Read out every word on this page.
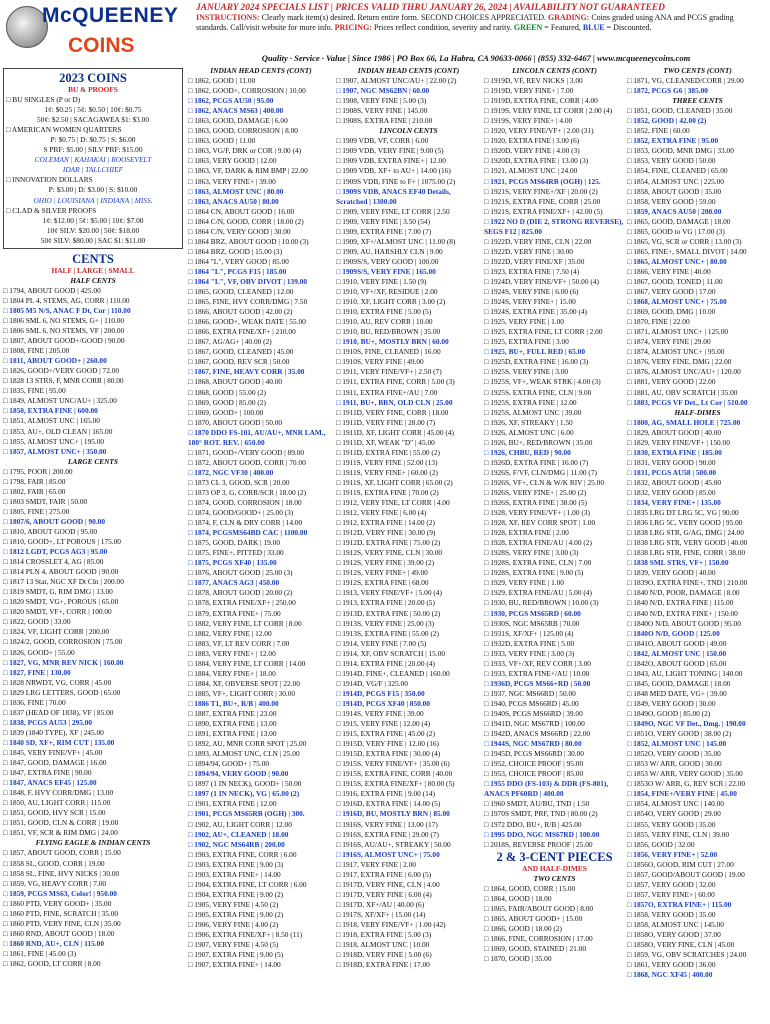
McQUEENEY
COINS
JANUARY 2024 SPECIALS LIST | PRICES VALID THRU JANUARY 26, 2024 | AVAILABILITY NOT GUARANTEED
INSTRUCTIONS: Clearly mark item(s) desired. Return entire form. SECOND CHOICES APPRECIATED. GRADING: Coins graded using ANA and PCGS grading standards. Call/visit website for more info. PRICING: Prices reflect condition, severity and rarity. GREEN = Featured, BLUE = Discounted.
Quality · Service · Value | Since 1986 | PO Box 66, La Habra, CA 90633-0066 | (855) 332-6467 | www.mcqueeneycoins.com
2023 COINS
BU & PROOFS
□ BU SINGLES (P or D)
1¢: $0.25 | 5¢: $0.50 | 10¢: $0.75
50¢: $2.50 | SACAGAWEA $1: $3.00
□ AMERICAN WOMEN QUARTERS
P: $0.75 | D: $0.75 | S: $6.00
S PRF: $5.00 | SILV PRF: $15.00
COLEMAN | KAHAKAI | ROOSEVELT
IDAR | TALLCHIEF
□ INNOVATION DOLLARS
P: $3.00 | D: $3.00 | S: $10.00
OHIO | LOUISIANA | INDIANA | MISS.
□ CLAD & SILVER PROOFS
1¢: $12.00 | 5¢: $5.00 | 10¢: $7.00
10¢ SILV: $20.00 | 50¢: $18.00
50¢ SILV: $80.00 | SAC $1: $11.00
CENTS
HALF | LARGE | SMALL
HALF CENTS
□ 1794, ABOUT GOOD | 425.00
□ 1804 PL 4, STEMS, AG, CORR | 110.00
□ 1805 M5 N/S, ANAC F Dt, Cor | 110.00
□ 1806 SML 6, NO STEMS, G+ | 110.00
□ 1806 SML 6, NO STEMS, VF | 200.00
□ 1807, ABOUT GOOD+/GOOD | 90.00
□ 1808, FINE | 205.00
□ 1811, ABOUT GOOD+ | 260.00
□ 1826, GOOD+/VERY GOOD | 72.00
□ 1828 13 STRS, F, MNR CORR | 80.00
□ 1835, FINE | 95.00
□ 1849, ALMOST UNC/AU+ | 325.00
□ 1850, EXTRA FINE | 600.00
□ 1851, ALMOST UNC | 165.00
□ 1853, AU+, OLD CLEAN | 165.00
□ 1855, ALMOST UNC+ | 195.00
□ 1857, ALMOST UNC+ | 350.00
LARGE CENTS
□ 1795, POOR | 200.00
□ 1798, FAIR | 85.00
□ 1802, FAIR | 65.00
□ 1803 SMDT, FAIR | 50.00
□ 1805, FINE | 275.00
□ 1807/6, ABOUT GOOD | 90.00
□ 1810, ABOUT GOOD | 95.00
□ 1810, GOOD+, LT POROUS | 175.00
□ 1812 LGDT, PCGS AG3 | 95.00
□ 1814 CROSSLET 4, AG | 85.00
□ 1814 PLN 4, ABOUT GOOD | 90.00
□ 1817 13 Star, NGC XF Dt Cln | 200.00
□ 1819 SMDT, G, RIM DMG | 13.00
□ 1820 SMDT, VG+, POROUS | 65.00
□ 1820 SMDT, VF+, CORR | 100.00
□ 1822, GOOD | 33.00
□ 1824, VF, LIGHT CORR | 200.00
□ 1824/2, GOOD, CORROSION | 75.00
□ 1826, GOOD+ | 55.00
□ 1827, VG, MNR REV NICK | 160.00
□ 1827, FINE | 130.00
□ 1828 NRWDT, VG, CORR | 45.00
□ 1829 LRG LETTERS, GOOD | 65.00
□ 1836, FINE | 70.00
□ 1837 (HEAD OF 1838), VF | 85.00
□ 1838, PCGS AU53 | 295.00
□ 1839 (1840 TYPE), XF | 245.00
□ 1840 SD, XF+, RIM CUT | 135.00
□ 1845, VERY FINE/VF+ | 45.00
□ 1847, GOOD, DAMAGE | 16.00
□ 1847, EXTRA FINE | 90.00
□ 1847, ANACS EF45 | 125.00
□ 1848, F, HVY CORR/DMG | 13.00
□ 1850, AU, LIGHT CORR | 115.00
□ 1851, GOOD, HVY SCR | 15.00
□ 1851, GOOD, CLN & CORR | 19.00
□ 1851, VF, SCR & RIM DMG | 24.00
FLYING EAGLE & INDIAN CENTS
□ 1857, ABOUT GOOD, CORR | 15.00
□ 1858 SL, GOOD, CORR | 19.00
□ 1858 SL, FINE, HVY NICKS | 30.00
□ 1859, VG, HEAVY CORR | 7.00
□ 1859, PCGS MS63, Color! | 950.00
□ 1860 PTD, VERY GOOD+ | 35.00
□ 1860 PTD, FINE, SCRATCH | 35.00
□ 1860 PTD, VERY FINE, CLN | 35.00
□ 1860 RND, ABOUT GOOD | 18.00
□ 1860 RND, AU+, CLN | 115.00
□ 1861, FINE | 45.00 (3)
□ 1862, GOOD, LT CORR | 8.00
INDIAN HEAD CENTS (CONT)
□ 1862, GOOD | 11.00
□ 1862, GOOD+, CORROSION | 10.00
□ 1862, PCGS AU50 | 95.00
□ 1862, ANACS MS63 | 400.00
□ 1863, GOOD, DAMAGE | 6.00
□ 1863, GOOD, CORROSION | 8.00
□ 1863, GOOD | 11.00
□ 1863, VG/F, DRK or COR | 9.00 (4)
□ 1863, VERY GOOD | 12.00
□ 1863, VF, DARK & RIM BMP | 22.00
□ 1863, VERY FINE+ | 39.00
□ 1863, ALMOST UNC | 80.00
□ 1863, ANACS AU50 | 80.00
□ 1864 CN, ABOUT GOOD | 16.00
□ 1864 C/N, GOOD, CORR | 18.00 (2)
□ 1864 C/N, VERY GOOD | 30.00
□ 1864 BRZ, ABOUT GOOD | 10.00 (3)
□ 1864 BRZ, GOOD | 15.00 (3)
□ 1864 "L", VERY GOOD | 85.00
□ 1864 "L", PCGS F15 | 185.00
□ 1864 "L", VF, OBV DIVOT | 139.00
□ 1865, GOOD, CLEANED | 12.00
□ 1865, FINE, HVY CORR/DMG | 7.50
□ 1866, ABOUT GOOD | 42.00 (2)
□ 1866, GOOD+, WEAK DATE | 55.00
□ 1866, EXTRA FINE/XF+ | 210.00
□ 1867, AG/AG+ | 40.00 (2)
□ 1867, GOOD, CLEANED | 45.00
□ 1867, GOOD, REV SCR | 50.00
□ 1867, FINE, HEAVY CORR | 35.00
□ 1868, ABOUT GOOD | 40.00
□ 1868, GOOD | 55.00 (2)
□ 1869, GOOD | 85.00 (2)
□ 1869, GOOD+ | 100.00
□ 1870, ABOUT GOOD | 50.00
□ 1870 DDO FS-101, AU/AU+, MNR LAM., 180° ROT. REV. | 650.00
□ 1871, GOOD+/VERY GOOD | 89.00
□ 1872, ABOUT GOOD, CORR | 70.00
□ 1872, NGC VF30 | 400.00
□ 1873 CL 3, GOOD, SCR | 20.00
□ 1873 OP 3, G, CORR/SCR | 18.00 (2)
□ 1874, GOOD, CORROSION | 18.00
□ 1874, GOOD/GOOD+ | 25.00 (3)
□ 1874, F, CLN & DRY CORR | 14.00
□ 1874, PCGSMS64BD CAC | 1100.00
□ 1875, GOOD, DARK | 19.00
□ 1875, FINE+, PITTED | 33.00
□ 1875, PCGS XF40 | 135.00
□ 1876, ABOUT GOOD | 25.00 (3)
□ 1877, ANACS AG3 | 450.00
□ 1878, ABOUT GOOD | 20.00 (2)
□ 1878, EXTRA FINE/XF+ | 250.00
□ 1879, EXTRA FINE+ | 75.00
□ 1882, VERY FINE, LT CORR | 8.00
□ 1882, VERY FINE | 12.00
□ 1883, VF, LT REV CORR | 7.00
□ 1883, VERY FINE+ | 12.00
□ 1884, VERY FINE, LT CORR | 14.00
□ 1884, VERY FINE+ | 18.00
□ 1884, XF, OBVERSE SPOT | 22.00
□ 1885, VF+, LIGHT CORR | 30.00
□ 1886 T1, BU+, R/B | 400.00
□ 1887, EXTRA FINE | 23.00
□ 1890, EXTRA FINE | 13.00
□ 1891, EXTRA FINE | 13.00
□ 1892, AU, MNR CORR SPOT | 25.00
□ 1893, ALMOST UNC, CLN | 25.00
□ 1894/94, GOOD+ | 75.00
□ 1894/94, VERY GOOD | 90.00
□ 1897 (1 IN NECK), GOOD+ | 50.00
□ 1897 (1 IN NECK), VG | 65.00 (2)
□ 1901, EXTRA FINE | 12.00
□ 1901, PCGS MS65RB (OGH) | 300.
□ 1902, AU, LIGHT CORR | 12.00
□ 1902, AU+, CLEANED | 18.00
□ 1902, NGC MS64RB | 200.00
□ 1903, EXTRA FINE, CORR | 6.00
□ 1903, EXTRA FINE | 9.00 (3)
□ 1903, EXTRA FINE+ | 14.00
□ 1904, EXTRA FINE, LT CORR | 6.00
□ 1904, EXTRA FINE | 9.00 (2)
□ 1905, VERY FINE | 4.50 (2)
□ 1905, EXTRA FINE | 9.00 (2)
□ 1906, VERY FINE | 4.00 (2)
□ 1906, EXTRA FINE/XF+ | 8.50 (11)
□ 1907, VERY FINE | 4.50 (5)
□ 1907, EXTRA FINE | 9.00 (5)
□ 1907, EXTRA FINE+ | 14.00
INDIAN HEAD CENTS (CONT)
□ 1907, ALMOST UNC/AU+ | 22.00 (2)
□ 1907, NGC MS62BN | 60.00
□ 1908, VERY FINE | 5.00 (3)
□ 1908S, VERY FINE | 145.00
□ 1908S, EXTRA FINE | 210.00
LINCOLN CENTS
□ 1909 VDB, VF, CORR | 6.00
□ 1909 VDB, VERY FINE | 9.00 (5)
□ 1909 VDB, EXTRA FINE+ | 12.00
□ 1909 VDB, XF+ to AU+ | 14.00 (16)
□ 1909S VDB, FINE to F+ | 1075.00 (2)
□ 1909S VDB, ANACS EF40 Details, Scratched | 1300.00
□ 1909, VERY FINE, LT CORR | 2.50
□ 1909, VERY FINE | 3.50 (54)
□ 1909, EXTRA FINE | 7.00 (7)
□ 1909, XF+/ALMOST UNC | 11.00 (8)
□ 1909, AU, HARSHLY CLN | 9.00
□ 1909S/S, VERY GOOD | 100.00
□ 1909S/S, VERY FINE | 165.00
□ 1910, VERY FINE | 1.50 (9)
□ 1910, VF+/XF, RESIDUE | 2.00
□ 1910, XF, LIGHT CORR | 3.00 (2)
□ 1910, EXTRA FINE | 5.00 (5)
□ 1910, AU, REV CORR | 10.00
□ 1910, BU, RED/BROWN | 35.00
□ 1910, BU+, MOSTLY BRN | 60.00
□ 1910S, FINE, CLEANED | 16.00
□ 1910S, VERY FINE | 49.00
□ 1911, VERY FINE/VF+ | 2.50 (7)
□ 1911, EXTRA FINE, CORR | 5.00 (3)
□ 1911, EXTRA FINE+/AU | 7.00
□ 1911, BU+, BRN, OLD CLN | 25.00
□ 1911D, VERY FINE, CORR | 18.00
□ 1911D, VERY FINE | 28.00 (7)
□ 1911D, XF, LIGHT CORR | 45.00 (4)
□ 1911D, XF, WEAK "D" | 45.00
□ 1911D, EXTRA FINE | 55.00 (2)
□ 1911S, VERY FINE | 52.00 (13)
□ 1911S, VERY FINE+ | 60.00 (2)
□ 1911S, XF, LIGHT CORR | 65.00 (2)
□ 1911S, EXTRA FINE | 70.00 (2)
□ 1912, VERY FINE, LT CORR | 4.00
□ 1912, VERY FINE | 6.00 (4)
□ 1912, EXTRA FINE | 14.00 (2)
□ 1912D, VERY FINE | 30.00 (9)
□ 1912D, EXTRA FINE | 75.00 (2)
□ 1912S, VERY FINE, CLN | 30.00
□ 1912S, VERY FINE | 39.00 (2)
□ 1912S, VERY FINE+ | 49.00
□ 1912S, EXTRA FINE | 68.00
□ 1913, VERY FINE/VF+ | 5.00 (4)
□ 1913, EXTRA FINE | 20.00 (5)
□ 1913D, EXTRA FINE | 50.00 (2)
□ 1913S, VERY FINE | 25.00 (3)
□ 1913S, EXTRA FINE | 55.00 (2)
□ 1914, VERY FINE | 7.00 (5)
□ 1914, XF, OBV SCRATCH | 15.00
□ 1914, EXTRA FINE | 20.00 (4)
□ 1914D, FINE+, CLEANED | 160.00
□ 1914D, VG/F | 325.00
□ 1914D, PCGS F15 | 350.00
□ 1914D, PCGS XF40 | 850.00
□ 1914S, VERY FINE | 39.00
□ 1915, VERY FINE | 12.00 (4)
□ 1915, EXTRA FINE | 45.00 (2)
□ 1915D, VERY FINE | 12.00 (16)
□ 1915D, EXTRA FINE | 30.00 (4)
□ 1915S, VERY FINE/VF+ | 35.00 (6)
□ 1915S, EXTRA FINE, CORR | 40.00
□ 1915S, EXTRA FINE/XF+ | 80.00 (5)
□ 1916, EXTRA FINE | 9.00 (14)
□ 1916D, EXTRA FINE | 14.00 (5)
□ 1916D, BU, MOSTLY BRN | 85.00
□ 1916S, VERY FINE | 13.00 (17)
□ 1916S, EXTRA FINE | 29.00 (7)
□ 1916S, AU/AU+, STREAKY | 50.00
□ 1916S, ALMOST UNC+ | 75.00
□ 1917, VERY FINE | 2.00
□ 1917, EXTRA FINE | 6.00 (5)
□ 1917D, VERY FINE, CLN | 4.00
□ 1917D, VERY FINE | 6.00 (4)
□ 1917D, XF+/AU | 40.00 (6)
□ 1917S, XF/XF+ | 15.00 (14)
□ 1918, VERY FINE/VF+ | 1.00 (42)
□ 1918, EXTRA FINE | 5.00 (3)
□ 1918, ALMOST UNC | 10.00
□ 1918D, VERY FINE | 5.00 (6)
□ 1918D, EXTRA FINE | 17.00
LINCOLN CENTS (CONT)
□ 1919D, VF, REV NICKS | 3.00
□ 1919D, VERY FINE+ | 7.00
□ 1919D, EXTRA FINE, CORR | 4.00
□ 1919S, VERY FINE, LT CORR | 2.00 (4)
□ 1919S, VERY FINE+ | 4.00
□ 1920, VERY FINE/VF+ | 2.00 (31)
□ 1920, EXTRA FINE | 3.00 (6)
□ 1920D, VERY FINE | 4.00 (3)
□ 1920D, EXTRA FINE | 13.00 (3)
□ 1921, ALMOST UNC | 24.00
□ 1921, PCGS MS64RB (OGH) | 125.
□ 1921S, VERY FINE+/XF | 20.00 (2)
□ 1921S, EXTRA FINE, CORR | 25.00
□ 1921S, EXTRA FINE/XF+ | 42.00 (5)
□ 1922 NO D (DIE 2, STRONG REVERSE), SEGS F12 | 825.00
□ 1922D, VERY FINE, CLN | 22.00
□ 1922D, VERY FINE | 30.00
□ 1922D, VERY FINE/XF | 35.00
□ 1923, EXTRA FINE | 7.50 (4)
□ 1924D, VERY FINE/VF+ | 50.00 (4)
□ 1924S, VERY FINE | 6.00 (6)
□ 1924S, VERY FINE+ | 15.00
□ 1924S, EXTRA FINE | 35.00 (4)
□ 1925, VERY FINE | 1.00
□ 1925, EXTRA FINE, LT CORR | 2.00
□ 1925, EXTRA FINE | 3.00
□ 1925, BU+, FULL RED | 65.00
□ 1925D, EXTRA FINE | 16.00 (3)
□ 1925S, VERY FINE | 3.00
□ 1925S, VF+, WEAK STRK | 4.00 (3)
□ 1925S, EXTRA FINE, CLN | 9.00
□ 1925S, EXTRA FINE | 12.00
□ 1925S, ALMOST UNC | 39.00
□ 1926, XF, STREAKY | 1.50
□ 1926, ALMOST UNC | 6.00
□ 1926, BU+, RED/BROWN | 35.00
□ 1926, CHBU, RED | 90.00
□ 1926D, EXTRA FINE | 16.00 (7)
□ 1926S, F/VF, CLN/DMG | 11.00 (7)
□ 1926S, VF+, CLN & W/K RIV | 25.00
□ 1926S, VERY FINE+ | 25.00 (2)
□ 1926S, EXTRA FINE | 38.00 (5)
□ 1928, VERY FINE/VF+ | 1.00 (3)
□ 1928, XF, REV CORR SPOT | 1.00
□ 1928, EXTRA FINE | 2.00
□ 1928, EXTRA FINE/AU | 4.00 (2)
□ 1928S, VERY FINE | 3.00 (3)
□ 1928S, EXTRA FINE, CLN | 7.00
□ 1928S, EXTRA FINE | 9.00 (5)
□ 1929, VERY FINE | 1.00
□ 1929, EXTRA FINE/AU | 5.00 (4)
□ 1930, BU, RED/BROWN | 10.00 (3)
□ 1930, PCGS MS65RD | 60.00
□ 1930S, NGC MS65RB | 70.00
□ 1931S, XF/XF+ | 125.00 (4)
□ 1932D, EXTRA FINE | 5.00
□ 1933, VERY FINE | 3.00 (3)
□ 1933, VF+/XF, REV CORR | 3.00
□ 1933, EXTRA FINE+/AU | 10.00
□ 1936D, PCGS MS66+RD | 50.00
□ 1937, NGC MS66RD | 50.00
□ 1940, PCGS MS66RD | 45.00
□ 1940S, PCGS MS66RD | 39.00
□ 1941D, NGC MS67RD | 100.00
□ 1942D, ANACS MS66RD | 22.00
□ 1944S, NGC MS67RD | 80.00
□ 1945D, PCGS MS66RD | 30.00
□ 1952, CHOICE PROOF | 95.00
□ 1953, CHOICE PROOF | 85.00
□ 1955 DDO (FS-103) & DDR (FS-801), ANACS PF60RD | 400.00
□ 1960 SMDT, AU/BU, TND | 1.50
□ 1970S SMDT, PRF, TND | 80.00 (2)
□ 1972 DDO, BU+, R/B | 425.00
□ 1995 DDO, NGC MS67RD | 100.00
□ 2018S, REVERSE PROOF | 25.00
2 & 3-CENT PIECES
AND HALF-DIMES
TWO CENTS
□ 1864, GOOD, CORR | 15.00
□ 1864, GOOD | 18.00
□ 1865, FAIR/ABOUT GOOD | 8.00
□ 1865, ABOUT GOOD+ | 15.00
□ 1866, GOOD | 18.00 (2)
□ 1866, FINE, CORROSION | 17.00
□ 1869, GOOD, STAINED | 21.00
□ 1870, GOOD | 35.00
TWO CENTS (CONT)
□ 1871, VG, CLEANED/CORR | 29.00
□ 1872, PCGS G6 | 385.00
THREE CENTS
□ 1851, GOOD, CLEANED | 35.00
□ 1852, GOOD | 42.00 (2)
□ 1852, FINE | 60.00
□ 1852, EXTRA FINE | 95.00
□ 1853, GOOD, MNR DMG | 33.00
□ 1853, VERY GOOD | 50.00
□ 1854, FINE, CLEANED | 65.00
□ 1854, ALMOST UNC | 225.00
□ 1858, ABOUT GOOD | 35.00
□ 1858, VERY GOOD | 59.00
□ 1859, ANACS AU50 | 200.00
□ 1865, GOOD, DAMAGE | 18.00
□ 1865, GOOD to VG | 17.00 (3)
□ 1865, VG, SCR or CORR | 13.00 (3)
□ 1865, FINE+, SMALL DIVOT | 14.00
□ 1865, ALMOST UNC+ | 80.00
□ 1866, VERY FINE | 40.00
□ 1867, GOOD, TONED | 11.00
□ 1867, VERY GOOD | 17.00
□ 1868, ALMOST UNC+ | 75.00
□ 1869, GOOD, DMG | 10.00
□ 1870, FINE | 22.00
□ 1871, ALMOST UNC+ | 125.00
□ 1874, VERY FINE | 29.00
□ 1874, ALMOST UNC+ | 95.00
□ 1876, VERY FINE, DMG | 22.00
□ 1876, ALMOST UNC/AU+ | 120.00
□ 1881, VERY GOOD | 22.00
□ 1881, AU, OBV SCRATCH | 35.00
□ 1883, PCGS VF Det., Lt Cor | 510.00
HALF-DIMES
□ 1800, AG, SMALL HOLE | 725.00
□ 1829, ABOUT GOOD | 40.00
□ 1829, VERY FINE/VF+ | 150.00
□ 1830, EXTRA FINE | 185.00
□ 1831, VERY GOOD | 90.00
□ 1831, PCGS AU58 | 500.00
□ 1832, ABOUT GOOD | 45.00
□ 1832, VERY GOOD | 85.00
□ 1834, VERY FINE+ | 135.00
□ 1835 LRG DT LRG 5C, VG | 90.00
□ 1836 LRG 5C, VERY GOOD | 95.00
□ 1838 LRG STR, G/AG, DMG | 24.00
□ 1838 LRG STR, VERY GOOD | 40.00
□ 1838 LRG STR, FINE, CORR | 38.00
□ 1838 SML STRS, VF+ | 150.00
□ 1839, VERY GOOD | 40.00
□ 1839O, EXTRA FINE+, TND | 210.00
□ 1840 N/D, POOR, DAMAGE | 8.00
□ 1840 N/D, EXTRA FINE | 115.00
□ 1840 N/D, EXTRA FINE+ | 150.00
□ 1840O N/D, ABOUT GOOD | 95.00
□ 1840O N/D, GOOD | 125.00
□ 1841O, ABOUT GOOD | 49.00
□ 1842, ALMOST UNC | 150.00
□ 1842O, ABOUT GOOD | 65.00
□ 1843, AU, LIGHT TONING | 140.00
□ 1845, GOOD, DAMAGE | 18.00
□ 1848 MED DATE, VG+ | 39.00
□ 1849, VERY GOOD | 30.00
□ 1849O, GOOD | 85.00 (2)
□ 1849O, NGC VF Det., Dmg. | 190.00
□ 1851O, VERY GOOD | 38.00 (2)
□ 1852, ALMOST UNC | 145.00
□ 1852O, VERY GOOD | 35.00
□ 1853 W/ ARR, GOOD | 30.00
□ 1853 W/ ARR, VERY GOOD | 35.00
□ 1853O W/ ARR, G, REV SCR | 22.00
□ 1854, FINE+/VERY FINE | 45.00
□ 1854, ALMOST UNC | 140.00
□ 1854O, VERY GOOD | 29.00
□ 1855, VERY GOOD | 35.00
□ 1855, VERY FINE, CLN | 39.00
□ 1856, GOOD | 32.00
□ 1856, VERY FINE+ | 52.00
□ 1856O, GOOD, RIM CUT | 27.00
□ 1857, GOOD/ABOUT GOOD | 19.00
□ 1857, VERY GOOD | 32.00
□ 1857, VERY FINE+ | 60.00
□ 1857O, EXTRA FINE+ | 115.00
□ 1858, VERY GOOD | 35.00
□ 1858, ALMOST UNC | 145.00
□ 1858O, VERY GOOD | 37.00
□ 1858O, VERY FINE, CLN | 45.00
□ 1859, VG, OBV SCRATCHES | 24.00
□ 1861, VERY GOOD | 36.00
□ 1868, NGC XF45 | 400.00
